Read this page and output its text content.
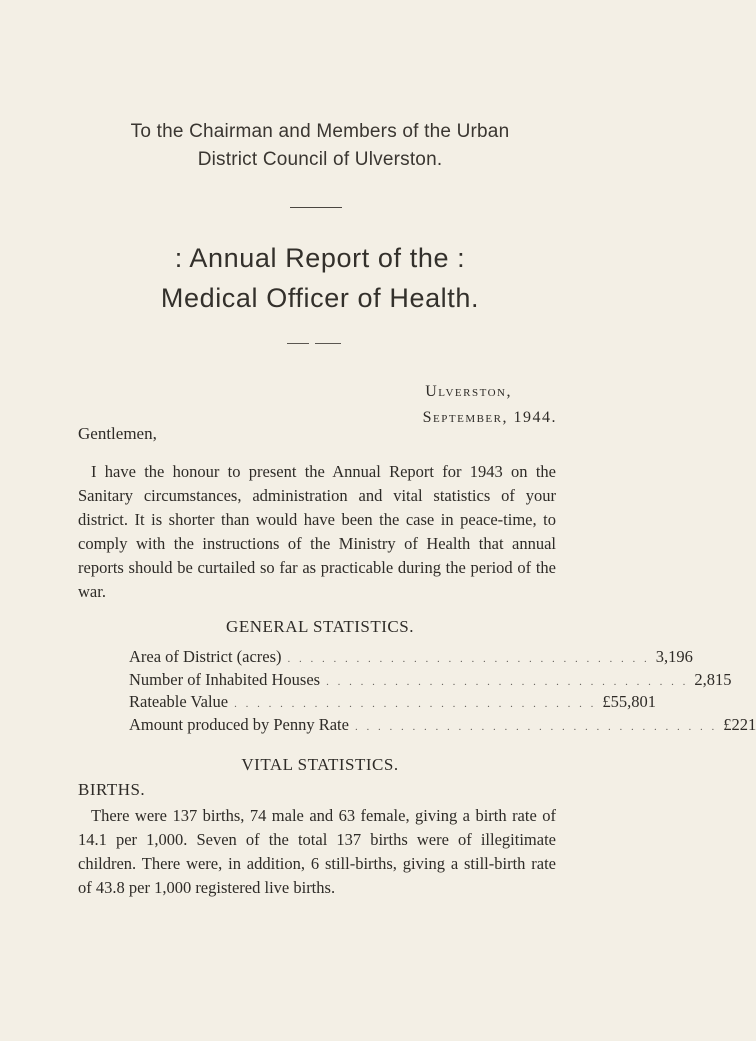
To the Chairman and Members of the Urban
District Council of Ulverston.
: Annual Report of the :
Medical Officer of Health.
Ulverston,
September, 1944.
Gentlemen,

I have the honour to present the Annual Report for 1943 on the Sanitary circumstances, administration and vital statistics of your district. It is shorter than would have been the case in peace-time, to comply with the instructions of the Ministry of Health that annual reports should be curtailed so far as practicable during the period of the war.

GENERAL STATISTICS.
Area of District (acres) . . . . . . . . . . . . . . . . . . . . . . . . . . . . . . . . 3,196
Number of Inhabited Houses . . . . . . . . . . . . . . . . . . . . . . . . . . . . . . . . 2,815
Rateable Value . . . . . . . . . . . . . . . . . . . . . . . . . . . . . . . . £55,801
Amount produced by Penny Rate . . . . . . . . . . . . . . . . . . . . . . . . . . . . . . . . £221
VITAL STATISTICS.
BIRTHS.

There were 137 births, 74 male and 63 female, giving a birth rate of 14.1 per 1,000. Seven of the total 137 births were of illegitimate children. There were, in addition, 6 still-births, giving a still-birth rate of 43.8 per 1,000 registered live births.
